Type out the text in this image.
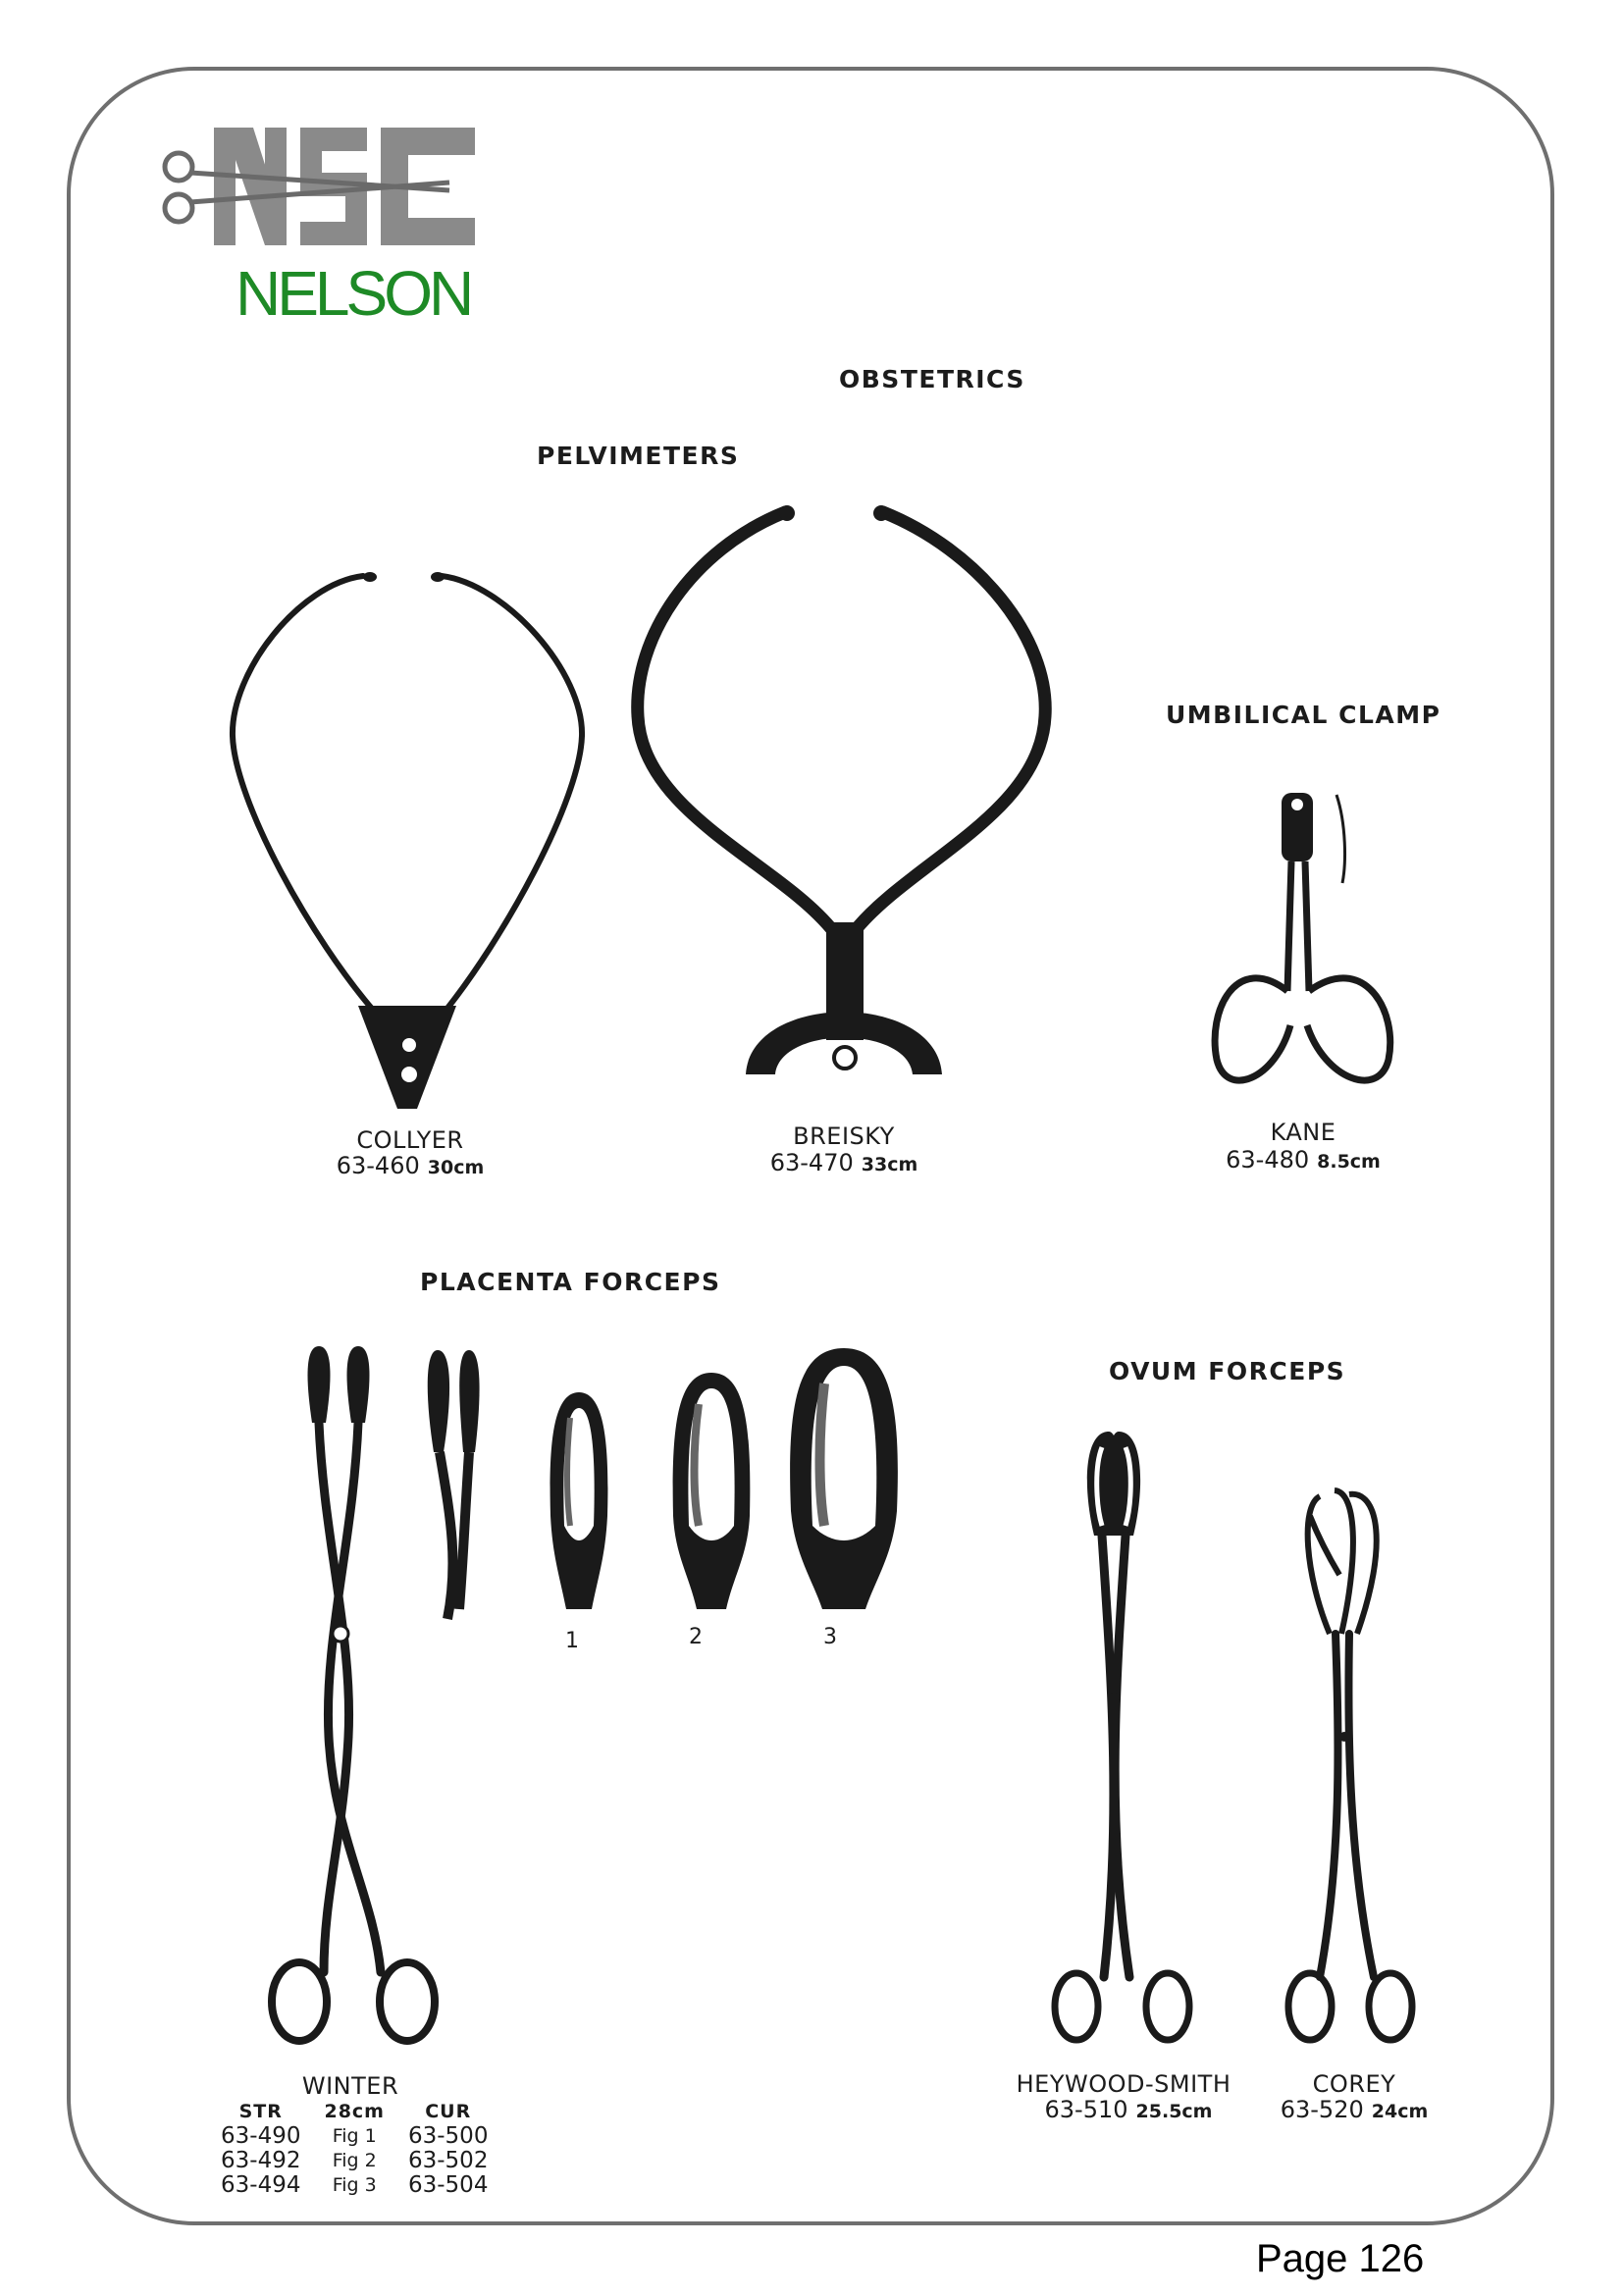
NELSON
OBSTETRICS
PELVIMETERS
UMBILICAL CLAMP
PLACENTA FORCEPS
OVUM FORCEPS
COLLYER
63-460 30cm
BREISKY
63-470 33cm
KANE
63-480 8.5cm
1	2	3
WINTER
STR	28cm	CUR
63-490	Fig 1	63-500
63-492	Fig 2	63-502
63-494	Fig 3	63-504
HEYWOOD-SMITH
63-510 25.5cm
COREY
63-520 24cm
Page 126
